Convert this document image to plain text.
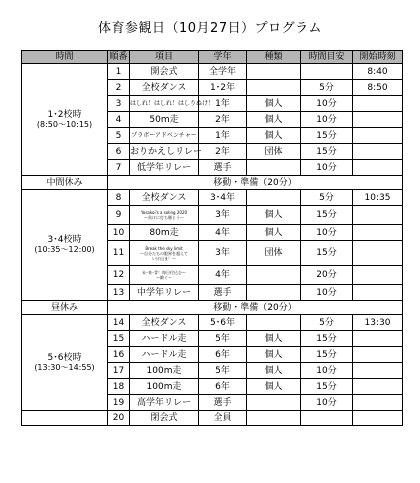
体育参観日（10月27日）プログラム
時間	順番	項目	学年	種類	時間目安	開始時刻

1･2校時
(8:50〜10:15)	1	開会式	全学年			8:40
	2	全校ダンス	1･2年		5分	8:50
	3	はしれ！はしれ！はしりぬけ！	1年	個人	10分	
	4	50m走	2年	個人	10分	
	5	ブラボーアドベンチャー	1年	個人	15分	
	6	おりかえしリレー	2年	団体	15分	
	7	低学年リレー	選手		10分	
中間休み	移動・準備（20分）					

3･4校時
(10:35〜12:00)	8	全校ダンス	3･4年		5分	10:35
	9	Yosakoi's a soling 2020
〜負けに打ち勝とう〜	3年	個人	15分	
	10	80m走	4年	個人	10分	
	11	Break the sky limit
〜自分たちの限界を超えて
いけ山ま！〜	3年	団体	15分	
	12	未･来･青！毎日付込む〜
〜敵ぐ〜	4年		20分	
	13	中学年リレー	選手		10分	
昼休み	移動・準備（20分）					

5･6校時
(13:30〜14:55)	14	全校ダンス	5･6年		5分	13:30
	15	ハードル走	5年	個人	15分	
	16	ハードル走	6年	個人	15分	
	17	100m走	5年	個人	10分	
	18	100m走	6年	個人	15分	
	19	高学年リレー	選手		10分	
	20	閉会式	全員			
